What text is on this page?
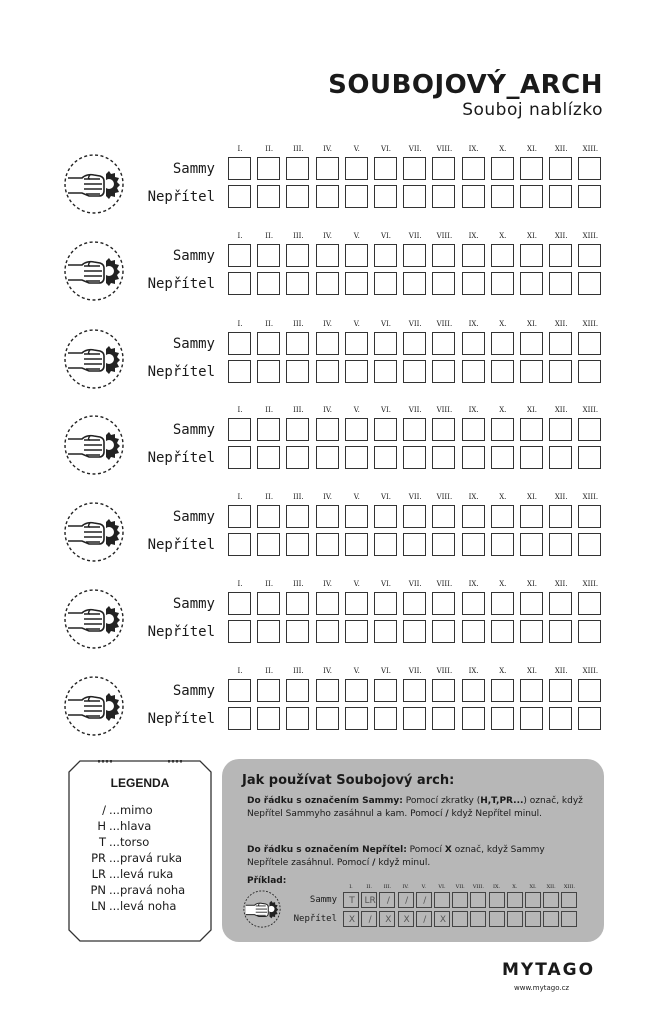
SOUBOJOVÝ_ARCH
Souboj nablízko
I.	II.	III.	IV.	V.	VI.	VII.	VIII.	IX.	X.	XI.	XII.	XIII.
Sammy
Nepřítel
I.	II.	III.	IV.	V.	VI.	VII.	VIII.	IX.	X.	XI.	XII.	XIII.
Sammy
Nepřítel
I.	II.	III.	IV.	V.	VI.	VII.	VIII.	IX.	X.	XI.	XII.	XIII.
Sammy
Nepřítel
I.	II.	III.	IV.	V.	VI.	VII.	VIII.	IX.	X.	XI.	XII.	XIII.
Sammy
Nepřítel
I.	II.	III.	IV.	V.	VI.	VII.	VIII.	IX.	X.	XI.	XII.	XIII.
Sammy
Nepřítel
I.	II.	III.	IV.	V.	VI.	VII.	VIII.	IX.	X.	XI.	XII.	XIII.
Sammy
Nepřítel
I.	II.	III.	IV.	V.	VI.	VII.	VIII.	IX.	X.	XI.	XII.	XIII.
Sammy
Nepřítel
LEGENDA
/ ...mimo
H ...hlava
T ...torso
PR ...pravá ruka
LR ...levá ruka
PN ...pravá noha
LN ...levá noha
Jak používat Soubojový arch:
Do řádku s označením Sammy: Pomocí zkratky (H,T,PR...) označ, když Nepřítel Sammyho zasáhnul a kam. Pomocí / když Nepřítel minul.
Do řádku s označením Nepřítel: Pomocí X označ, když Sammy Nepřítele zasáhnul. Pomocí / když minul.
Příklad:
I.	II.	III.	IV.	V.	VI.	VII.	VIII.	IX.	X.	XI.	XII.	XIII.
Sammy	T	LR	/	/	/
Nepřítel	X	/	X	X	/	X
MYTAGO
www.mytago.cz
